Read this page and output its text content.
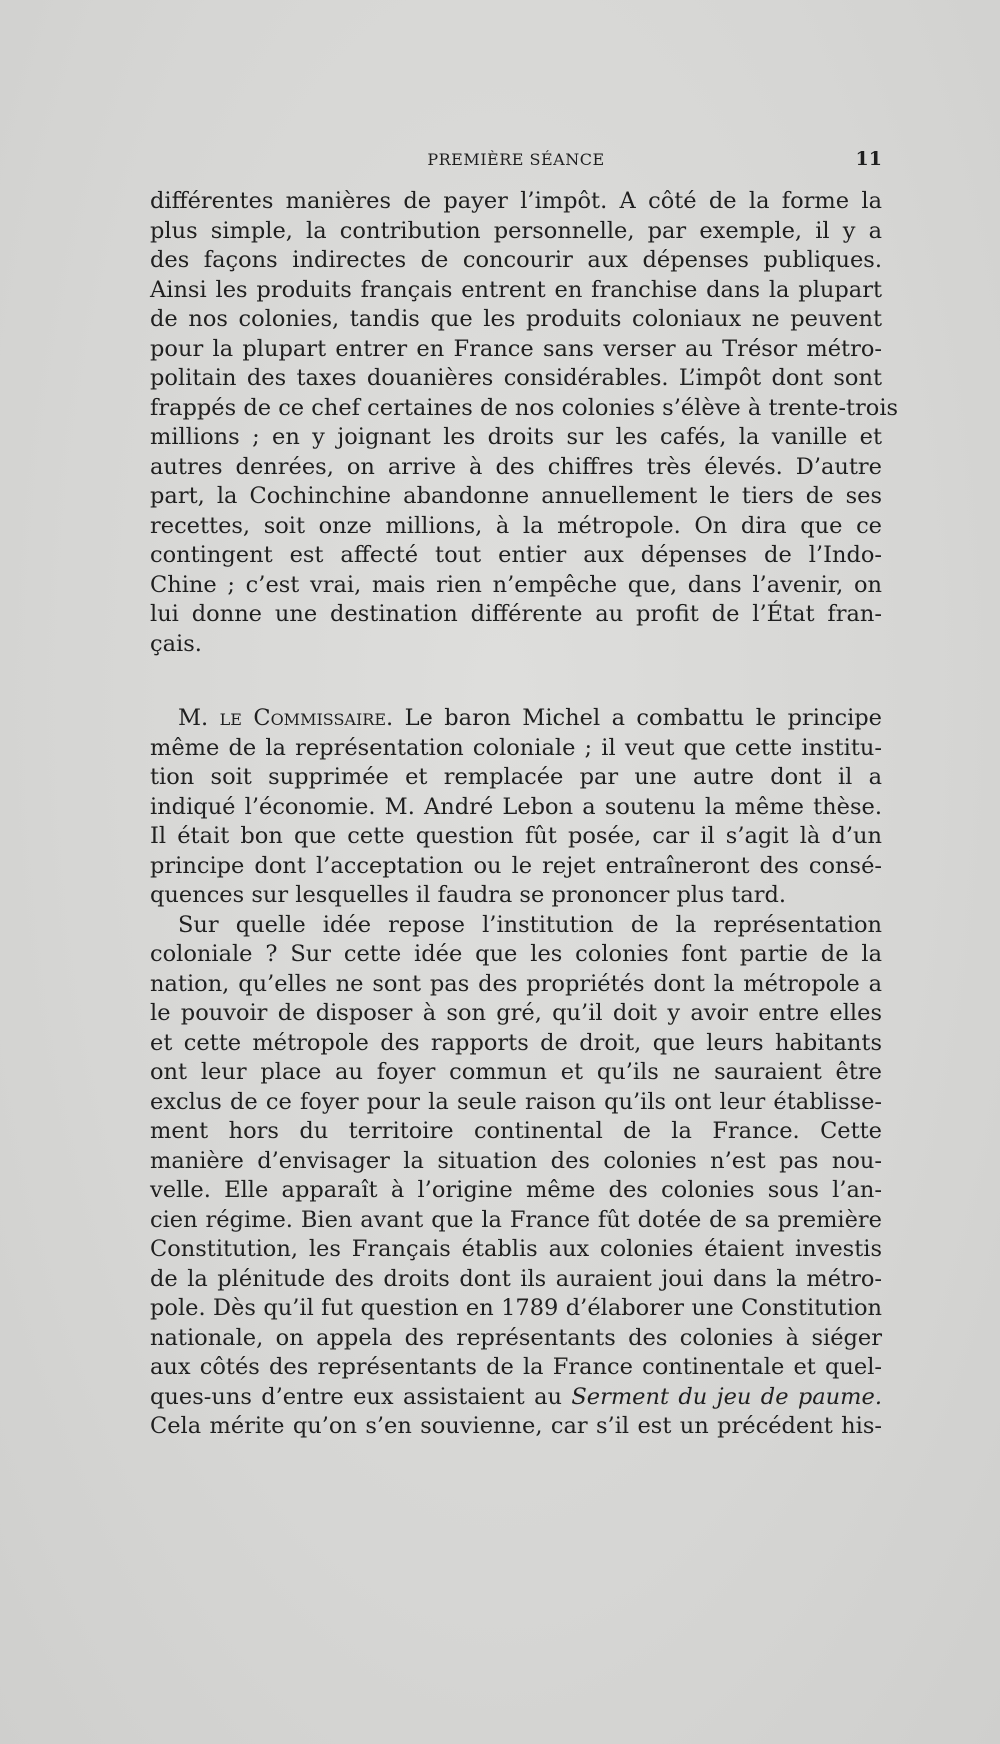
PREMIÈRE SÉANCE	11
différentes manières de payer l’impôt. A côté de la forme la
plus simple, la contribution personnelle, par exemple, il y a
des façons indirectes de concourir aux dépenses publiques.
Ainsi les produits français entrent en franchise dans la plupart
de nos colonies, tandis que les produits coloniaux ne peuvent
pour la plupart entrer en France sans verser au Trésor métro-
politain des taxes douanières considérables. L’impôt dont sont
frappés de ce chef certaines de nos colonies s’élève à trente-trois
millions ; en y joignant les droits sur les cafés, la vanille et
autres denrées, on arrive à des chiffres très élevés. D’autre
part, la Cochinchine abandonne annuellement le tiers de ses
recettes, soit onze millions, à la métropole. On dira que ce
contingent est affecté tout entier aux dépenses de l’Indo-
Chine ; c’est vrai, mais rien n’empêche que, dans l’avenir, on
lui donne une destination différente au profit de l’État fran-
çais.
M. le Commissaire. Le baron Michel a combattu le principe
même de la représentation coloniale ; il veut que cette institu-
tion soit supprimée et remplacée par une autre dont il a
indiqué l’économie. M. André Lebon a soutenu la même thèse.
Il était bon que cette question fût posée, car il s’agit là d’un
principe dont l’acceptation ou le rejet entraîneront des consé-
quences sur lesquelles il faudra se prononcer plus tard.
Sur quelle idée repose l’institution de la représentation
coloniale ? Sur cette idée que les colonies font partie de la
nation, qu’elles ne sont pas des propriétés dont la métropole a
le pouvoir de disposer à son gré, qu’il doit y avoir entre elles
et cette métropole des rapports de droit, que leurs habitants
ont leur place au foyer commun et qu’ils ne sauraient être
exclus de ce foyer pour la seule raison qu’ils ont leur établisse-
ment hors du territoire continental de la France. Cette
manière d’envisager la situation des colonies n’est pas nou-
velle. Elle apparaît à l’origine même des colonies sous l’an-
cien régime. Bien avant que la France fût dotée de sa première
Constitution, les Français établis aux colonies étaient investis
de la plénitude des droits dont ils auraient joui dans la métro-
pole. Dès qu’il fut question en 1789 d’élaborer une Constitution
nationale, on appela des représentants des colonies à siéger
aux côtés des représentants de la France continentale et quel-
ques-uns d’entre eux assistaient au Serment du jeu de paume.
Cela mérite qu’on s’en souvienne, car s’il est un précédent his-
